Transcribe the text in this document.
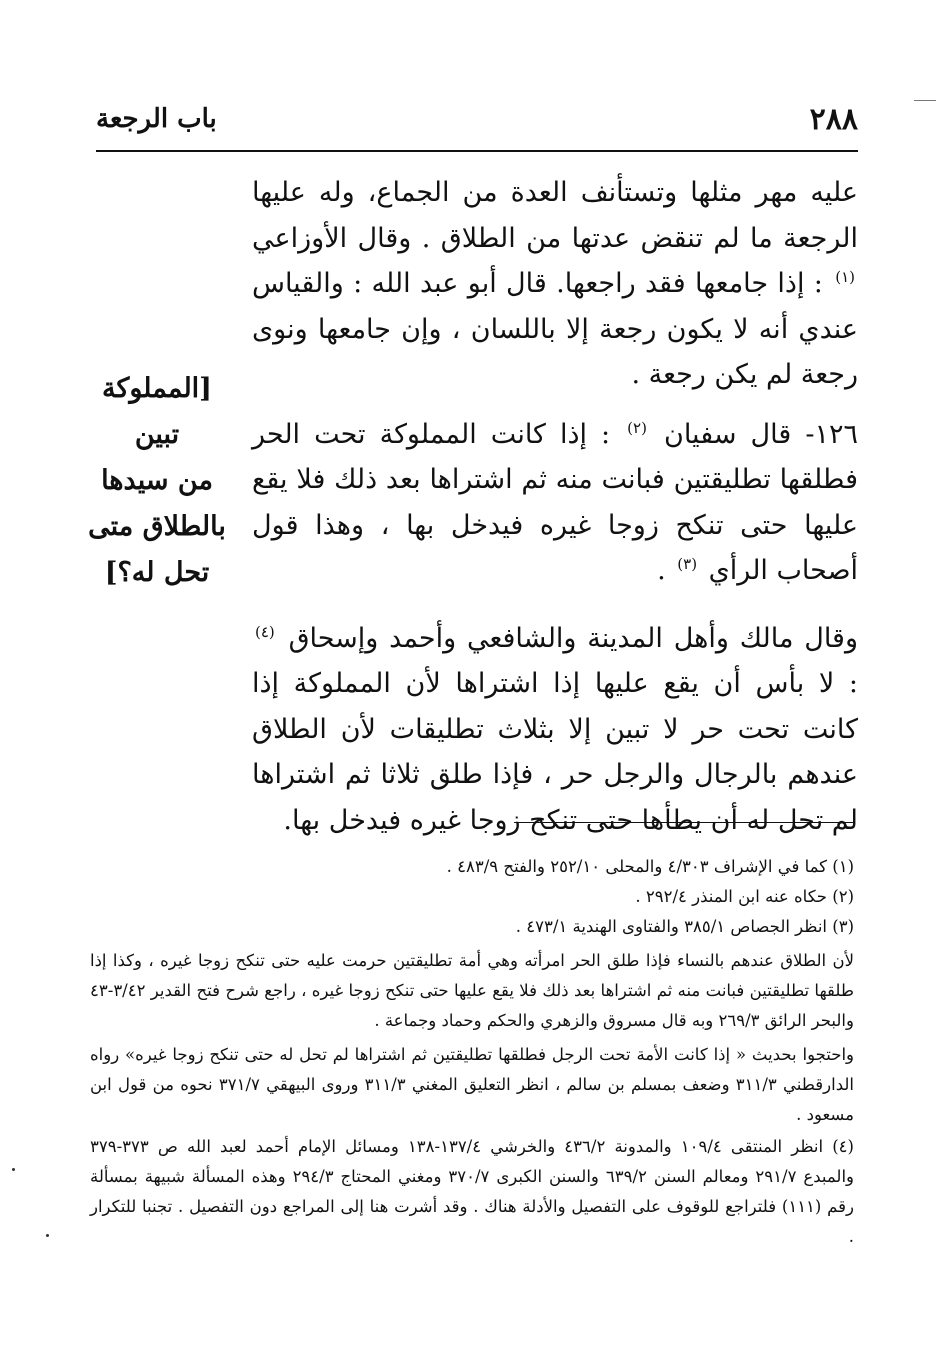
٢٨٨
باب الرجعة

عليه مهر مثلها وتستأنف العدة من الجماع، وله عليها الرجعة ما لم تنقض عدتها من الطلاق . وقال الأوزاعي $^{(١)}$ : إذا جامعها فقد راجعها. قال أبو عبد الله : والقياس عندي أنه لا يكون رجعة إلا باللسان ، وإن جامعها ونوى رجعة لم يكن رجعة .

١٢٦- قال سفيان $^{(٢)}$ : إذا كانت المملوكة تحت الحر فطلقها تطليقتين فبانت منه ثم اشتراها بعد ذلك فلا يقع عليها حتى تنكح زوجا غيره فيدخل بها ، وهذا قول أصحاب الرأي $^{(٣)}$ .

وقال مالك وأهل المدينة والشافعي وأحمد وإسحاق $^{(٤)}$ : لا بأس أن يقع عليها إذا اشتراها لأن المملوكة إذا كانت تحت حر لا تبين إلا بثلاث تطليقات لأن الطلاق عندهم بالرجال والرجل حر ، فإذا طلق ثلاثا ثم اشتراها لم تحل له أن يطأها حتى تنكح زوجا غيره فيدخل بها.

[المملوكة تبين
من سيدها
بالطلاق متى
تحل له؟]

(١) كما في الإشراف ٤/٣٠٣ والمحلى ٢٥٢/١٠ والفتح ٤٨٣/٩ .

(٢) حكاه عنه ابن المنذر ٢٩٢/٤ .

(٣) انظر الجصاص ٣٨٥/١ والفتاوى الهندية ٤٧٣/١ .

لأن الطلاق عندهم بالنساء فإذا طلق الحر امرأته وهي أمة تطليقتين حرمت عليه حتى تنكح زوجا غيره ، وكذا إذا طلقها تطليقتين فبانت منه ثم اشتراها بعد ذلك فلا يقع عليها حتى تنكح زوجا غيره ، راجع شرح فتح القدير ٣/٤٢-٤٣ والبحر الرائق ٢٦٩/٣ وبه قال مسروق والزهري والحكم وحماد وجماعة .

واحتجوا بحديث « إذا كانت الأمة تحت الرجل فطلقها تطليقتين ثم اشتراها لم تحل له حتى تنكح زوجا غيره» رواه الدارقطني ٣١١/٣ وضعف بمسلم بن سالم ، انظر التعليق المغني ٣١١/٣ وروى البيهقي ٣٧١/٧ نحوه من قول ابن مسعود .

(٤) انظر المنتقى ١٠٩/٤ والمدونة ٤٣٦/٢ والخرشي ١٣٧/٤-١٣٨ ومسائل الإمام أحمد لعبد الله ص ٣٧٣-٣٧٩ والمبدع ٢٩١/٧ ومعالم السنن ٦٣٩/٢ والسنن الكبرى ٣٧٠/٧ ومغني المحتاج ٢٩٤/٣ وهذه المسألة شبيهة بمسألة رقم (١١١) فلتراجع للوقوف على التفصيل والأدلة هناك . وقد أشرت هنا إلى المراجع دون التفصيل . تجنبا للتكرار .
